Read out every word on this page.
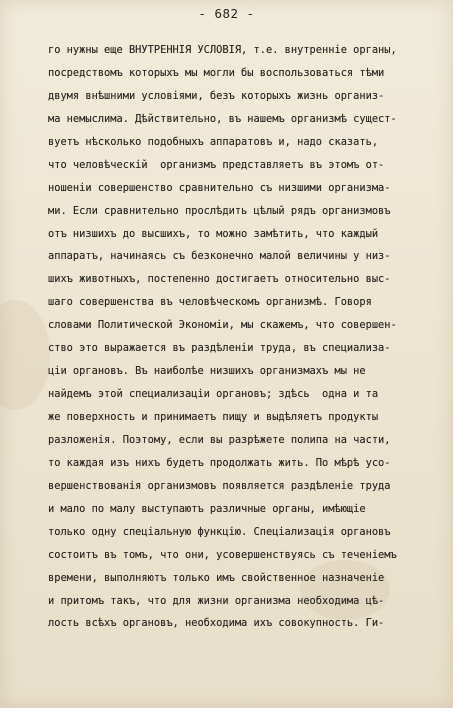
- 682 -
го нужны еще ВНУТРЕННІЯ УСЛОВІЯ, т.е. внутренніе органы,
посредствомъ которыхъ мы могли бы воспользоваться тѣми
двумя внѣшними условіями, безъ которыхъ жизнь организ-
ма немыслима. Дѣйствительно, въ нашемъ организмѣ сущест-
вуетъ нѣсколько подобныхъ аппаратовъ и, надо сказать,
что человѣческій  организмъ представляетъ въ этомъ от-
ношеніи совершенство сравнительно съ низшими организма-
ми. Если сравнительно прослѣдить цѣлый рядъ организмовъ
отъ низшихъ до высшихъ, то можно замѣтить, что каждый
аппаратъ, начинаясь съ безконечно малой величины у низ-
шихъ животныхъ, постепенно достигаетъ относительно выс-
шаго совершенства въ человѣческомъ организмѣ. Говоря
словами Политической Экономіи, мы скажемъ, что совершен-
ство это выражается въ раздѣленіи труда, въ специализа-
ціи органовъ. Въ наиболѣе низшихъ организмахъ мы не
найдемъ этой специализаціи органовъ; здѣсь  одна и та
же поверхность и принимаетъ пищу и выдѣляетъ продукты
разложенія. Поэтому, если вы разрѣжете полипа на части,
то каждая изъ нихъ будетъ продолжать жить. По мѣрѣ усо-
вершенствованія организмовъ появляется раздѣленіе труда
и мало по малу выступаютъ различные органы, имѣющіе
только одну спеціальную функцію. Спеціализація органовъ
состоитъ въ томъ, что они, усовершенствуясь съ теченіемъ
времени, выполняютъ только имъ свойственное назначеніе
и притомъ такъ, что для жизни организма необходима цѣ-
лость всѣхъ органовъ, необходима ихъ совокупность. Ги-
